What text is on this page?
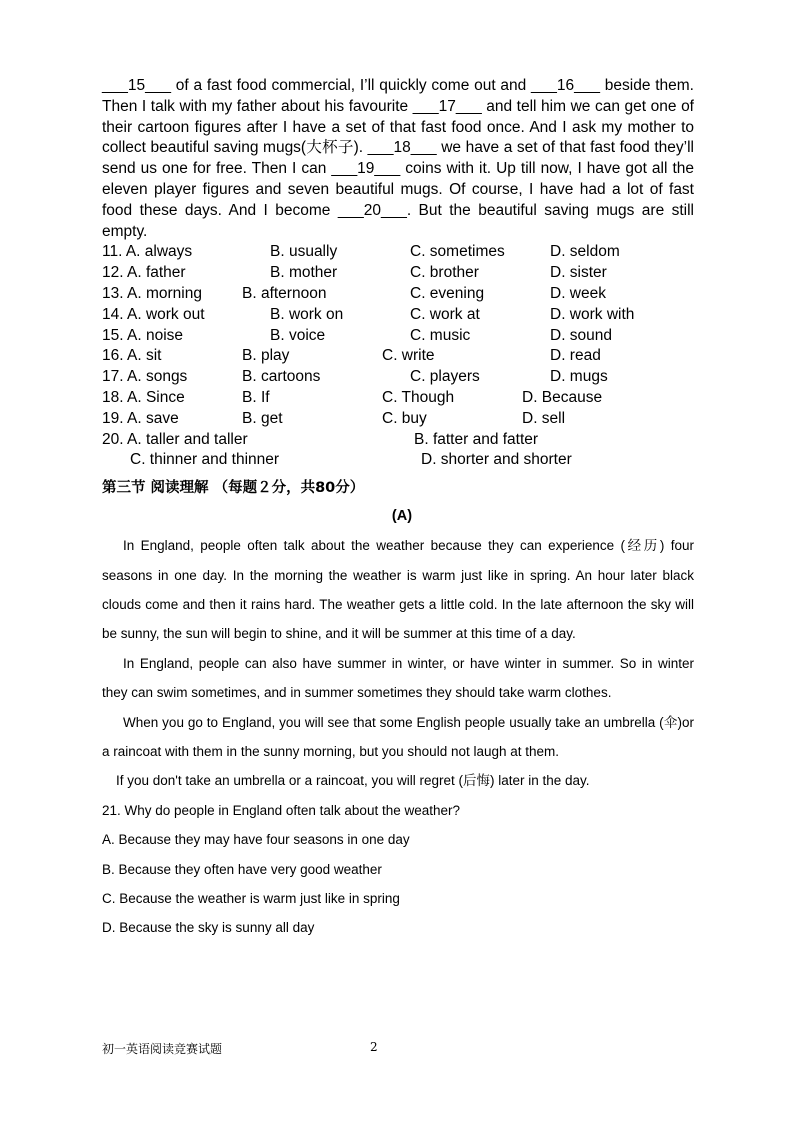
___15___ of a fast food commercial, I’ll quickly come out and ___16___ beside them. Then I talk with my father about his favourite ___17___ and tell him we can get one of their cartoon figures after I have a set of that fast food once. And I ask my mother to collect beautiful saving mugs(大杯子). ___18___ we have a set of that fast food they’ll send us one for free. Then I can ___19___ coins with it. Up till now, I have got all the eleven player figures and seven beautiful mugs. Of course, I have had a lot of fast food these days. And I become ___20___. But the beautiful saving mugs are still empty.

11. A. always	B. usually	C. sometimes	D. seldom
12. A. father	B. mother	C. brother	D. sister
13. A. morning	B. afternoon	C. evening	D. week
14. A. work out	B. work on	C. work at	D. work with
15. A. noise	B. voice	C. music	D. sound
16. A. sit	B. play	C. write	D. read
17. A. songs	B. cartoons	C. players	D. mugs
18. A. Since	B. If	C. Though	D. Because
19. A. save	B. get	C. buy	D. sell
20. A. taller and taller	B. fatter and fatter
C. thinner and thinner	D. shorter and shorter
第三节 阅读理解 （每题２分，共80分）
(A)

In England, people often talk about the weather because they can experience (经历) four seasons in one day. In the morning the weather is warm just like in spring. An hour later black clouds come and then it rains hard. The weather gets a little cold. In the late afternoon the sky will be sunny, the sun will begin to shine, and it will be summer at this time of a day.

In England, people can also have summer in winter, or have winter in summer. So in winter they can swim sometimes, and in summer sometimes they should take warm clothes.

When you go to England, you will see that some English people usually take an umbrella (伞)or a raincoat with them in the sunny morning, but you should not laugh at them.

If you don't take an umbrella or a raincoat, you will regret (后悔) later in the day.

21. Why do people in England often talk about the weather?

A. Because they may have four seasons in one day

B. Because they often have very good weather

C. Because the weather is warm just like in spring

D. Because the sky is sunny all day

初一英语阅读竞赛试题	2
